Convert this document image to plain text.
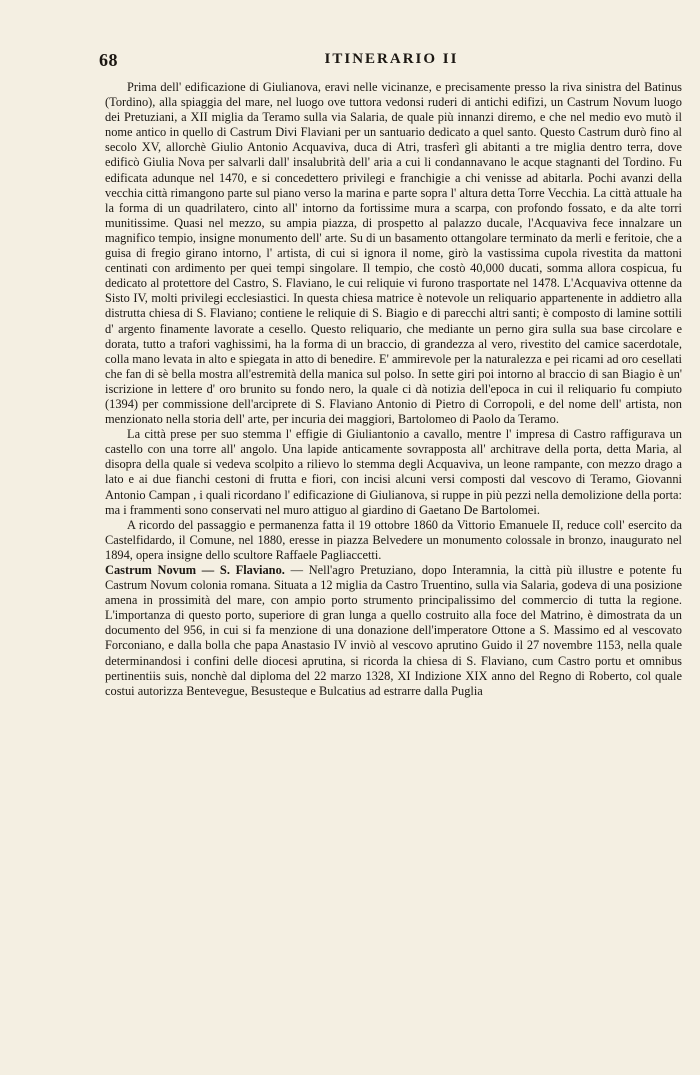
68	ITINERARIO II

Prima dell' edificazione di Giulianova, eravi nelle vicinanze, e precisamente presso la riva sinistra del Batinus (Tordino), alla spiaggia del mare, nel luogo ove tuttora vedonsi ruderi di antichi edifizi, un Castrum Novum luogo dei Pretuziani, a XII miglia da Teramo sulla via Salaria, de quale più innanzi diremo, e che nel medio evo mutò il nome antico in quello di Castrum Divi Flaviani per un santuario dedicato a quel santo. Questo Castrum durò fino al secolo XV, allorchè Giulio Antonio Acquaviva, duca di Atri, trasferì gli abitanti a tre miglia dentro terra, dove edificò Giulia Nova per salvarli dall' insalubrità dell' aria a cui li condannavano le acque stagnanti del Tordino. Fu edificata adunque nel 1470, e si concedettero privilegi e franchigie a chi venisse ad abitarla. Pochi avanzi della vecchia città rimangono parte sul piano verso la marina e parte sopra l' altura detta Torre Vecchia. La città attuale ha la forma di un quadrilatero, cinto all' intorno da fortissime mura a scarpa, con profondo fossato, e da alte torri munitissime. Quasi nel mezzo, su ampia piazza, di prospetto al palazzo ducale, l'Acquaviva fece innalzare un magnifico tempio, insigne monumento dell' arte. Su di un basamento ottangolare terminato da merli e feritoie, che a guisa di fregio girano intorno, l' artista, di cui si ignora il nome, girò la vastissima cupola rivestita da mattoni centinati con ardimento per quei tempi singolare. Il tempio, che costò 40,000 ducati, somma allora cospicua, fu dedicato al protettore del Castro, S. Flaviano, le cui reliquie vi furono trasportate nel 1478. L'Acquaviva ottenne da Sisto IV, molti privilegi ecclesiastici. In questa chiesa matrice è notevole un reliquario appartenente in addietro alla distrutta chiesa di S. Flaviano; contiene le reliquie di S. Biagio e di parecchi altri santi; è composto di lamine sottili d' argento finamente lavorate a cesello. Questo reliquario, che mediante un perno gira sulla sua base circolare e dorata, tutto a trafori vaghissimi, ha la forma di un braccio, di grandezza al vero, rivestito del camice sacerdotale, colla mano levata in alto e spiegata in atto di benedire. E' ammirevole per la naturalezza e pei ricami ad oro cesellati che fan di sè bella mostra all'estremità della manica sul polso. In sette giri poi intorno al braccio di san Biagio è un' iscrizione in lettere d' oro brunito su fondo nero, la quale ci dà notizia dell'epoca in cui il reliquario fu compiuto (1394) per commissione dell'arciprete di S. Flaviano Antonio di Pietro di Corropoli, e del nome dell' artista, non menzionato nella storia dell' arte, per incuria dei maggiori, Bartolomeo di Paolo da Teramo.

La città prese per suo stemma l' effigie di Giuliantonio a cavallo, mentre l' impresa di Castro raffigurava un castello con una torre all' angolo. Una lapide anticamente sovrapposta all' architrave della porta, detta Maria, al disopra della quale si vedeva scolpito a rilievo lo stemma degli Acquaviva, un leone rampante, con mezzo drago a lato e ai due fianchi cestoni di frutta e fiori, con incisi alcuni versi composti dal vescovo di Teramo, Giovanni Antonio Campan , i quali ricordano l' edificazione di Giulianova, si ruppe in più pezzi nella demolizione della porta: ma i frammenti sono conservati nel muro attiguo al giardino di Gaetano De Bartolomei.

A ricordo del passaggio e permanenza fatta il 19 ottobre 1860 da Vittorio Emanuele II, reduce coll' esercito da Castelfidardo, il Comune, nel 1880, eresse in piazza Belvedere un monumento colossale in bronzo, inaugurato nel 1894, opera insigne dello scultore Raffaele Pagliaccetti.

Castrum Novum — S. Flaviano. — Nell'agro Pretuziano, dopo Interamnia, la città più illustre e potente fu Castrum Novum colonia romana. Situata a 12 miglia da Castro Truentino, sulla via Salaria, godeva di una posizione amena in prossimità del mare, con ampio porto strumento principalissimo del commercio di tutta la regione. L'importanza di questo porto, superiore di gran lunga a quello costruito alla foce del Matrino, è dimostrata da un documento del 956, in cui si fa menzione di una donazione dell'imperatore Ottone a S. Massimo ed al vescovato Forconiano, e dalla bolla che papa Anastasio IV inviò al vescovo aprutino Guido il 27 novembre 1153, nella quale determinandosi i confini delle diocesi aprutina, si ricorda la chiesa di S. Flaviano, cum Castro portu et omnibus pertinentiis suis, nonchè dal diploma del 22 marzo 1328, XI Indizione XIX anno del Regno di Roberto, col quale costui autorizza Bentevegue, Besusteque e Bulcatius ad estrarre dalla Puglia
